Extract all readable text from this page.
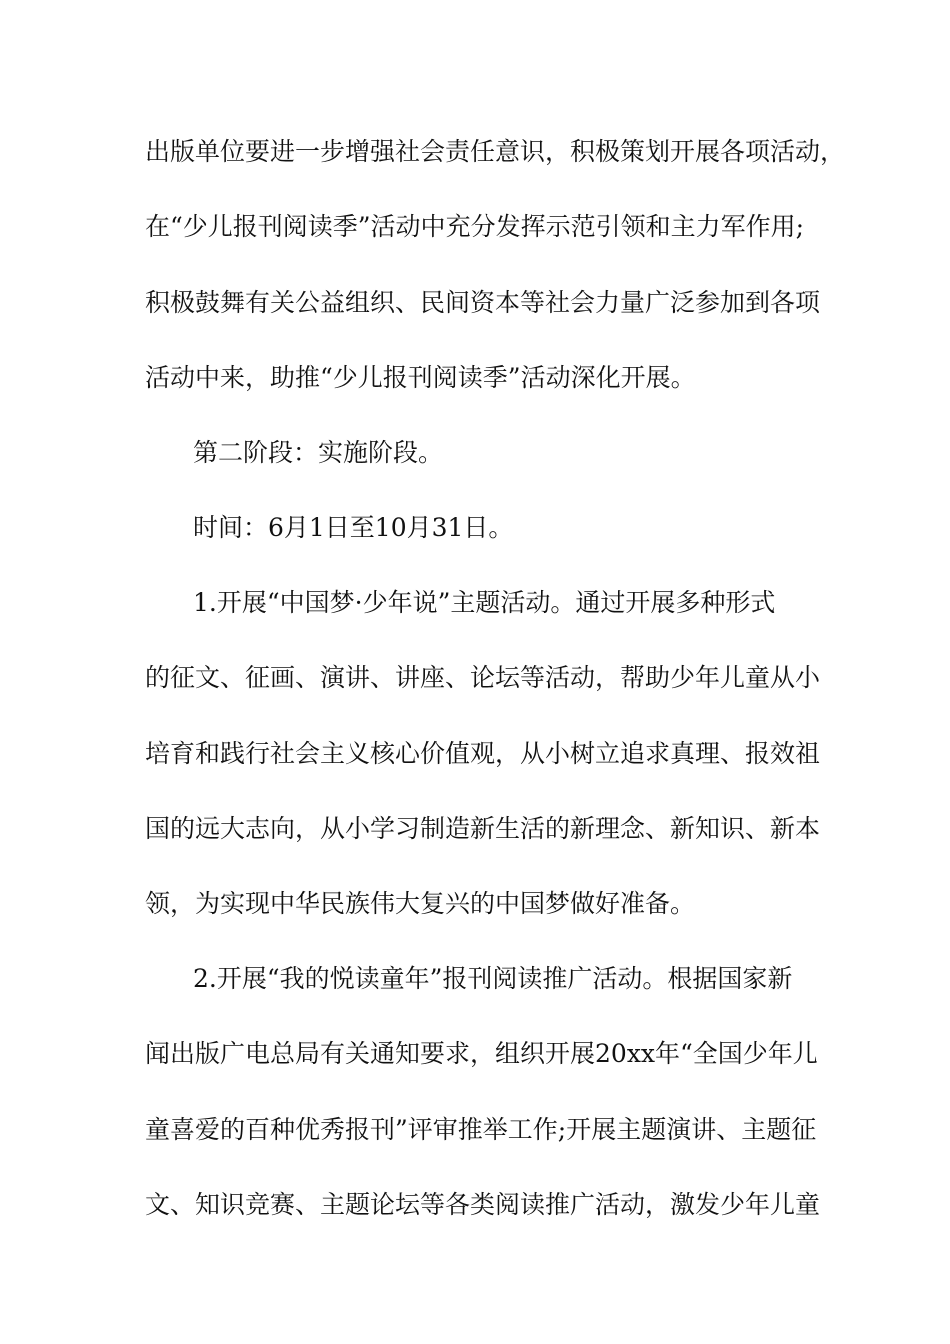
出版单位要进一步增强社会责任意识，积极策划开展各项活动，
在“少儿报刊阅读季”活动中充分发挥示范引领和主力军作用;
积极鼓舞有关公益组织、民间资本等社会力量广泛参加到各项
活动中来，助推“少儿报刊阅读季”活动深化开展。
第二阶段：实施阶段。
时间：6月1日至10月31日。
1.开展“中国梦·少年说”主题活动。通过开展多种形式
的征文、征画、演讲、讲座、论坛等活动，帮助少年儿童从小
培育和践行社会主义核心价值观，从小树立追求真理、报效祖
国的远大志向，从小学习制造新生活的新理念、新知识、新本
领，为实现中华民族伟大复兴的中国梦做好准备。
2.开展“我的悦读童年”报刊阅读推广活动。根据国家新
闻出版广电总局有关通知要求，组织开展20xx年“全国少年儿
童喜爱的百种优秀报刊”评审推举工作;开展主题演讲、主题征
文、知识竞赛、主题论坛等各类阅读推广活动，激发少年儿童
